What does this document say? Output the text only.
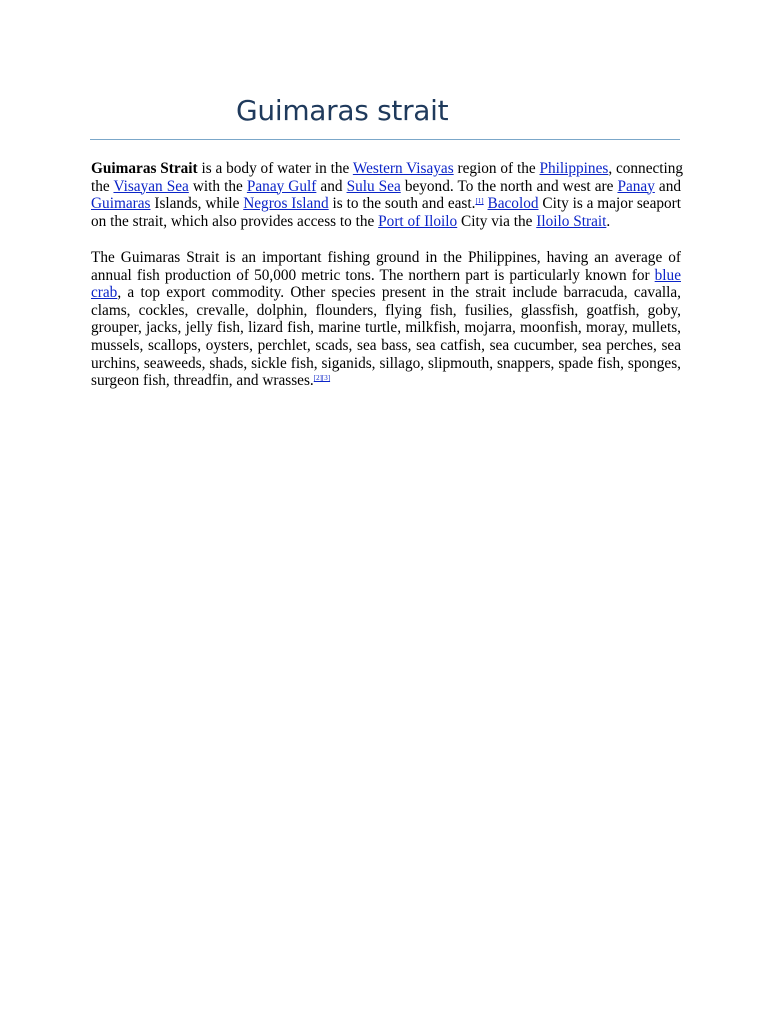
Guimaras strait

Guimaras Strait is a body of water in the Western Visayas region of the Philippines, connecting
the Visayan Sea with the Panay Gulf and Sulu Sea beyond. To the north and west are Panay and
Guimaras Islands, while Negros Island is to the south and east.[1] Bacolod City is a major seaport
on the strait, which also provides access to the Port of Iloilo City via the Iloilo Strait.

The Guimaras Strait is an important fishing ground in the Philippines, having an average of
annual fish production of 50,000 metric tons. The northern part is particularly known for blue
crab, a top export commodity. Other species present in the strait include barracuda, cavalla,
clams, cockles, crevalle, dolphin, flounders, flying fish, fusilies, glassfish, goatfish, goby,
grouper, jacks, jelly fish, lizard fish, marine turtle, milkfish, mojarra, moonfish, moray, mullets,
mussels, scallops, oysters, perchlet, scads, sea bass, sea catfish, sea cucumber, sea perches, sea
urchins, seaweeds, shads, sickle fish, siganids, sillago, slipmouth, snappers, spade fish, sponges,
surgeon fish, threadfin, and wrasses.[2][3]
